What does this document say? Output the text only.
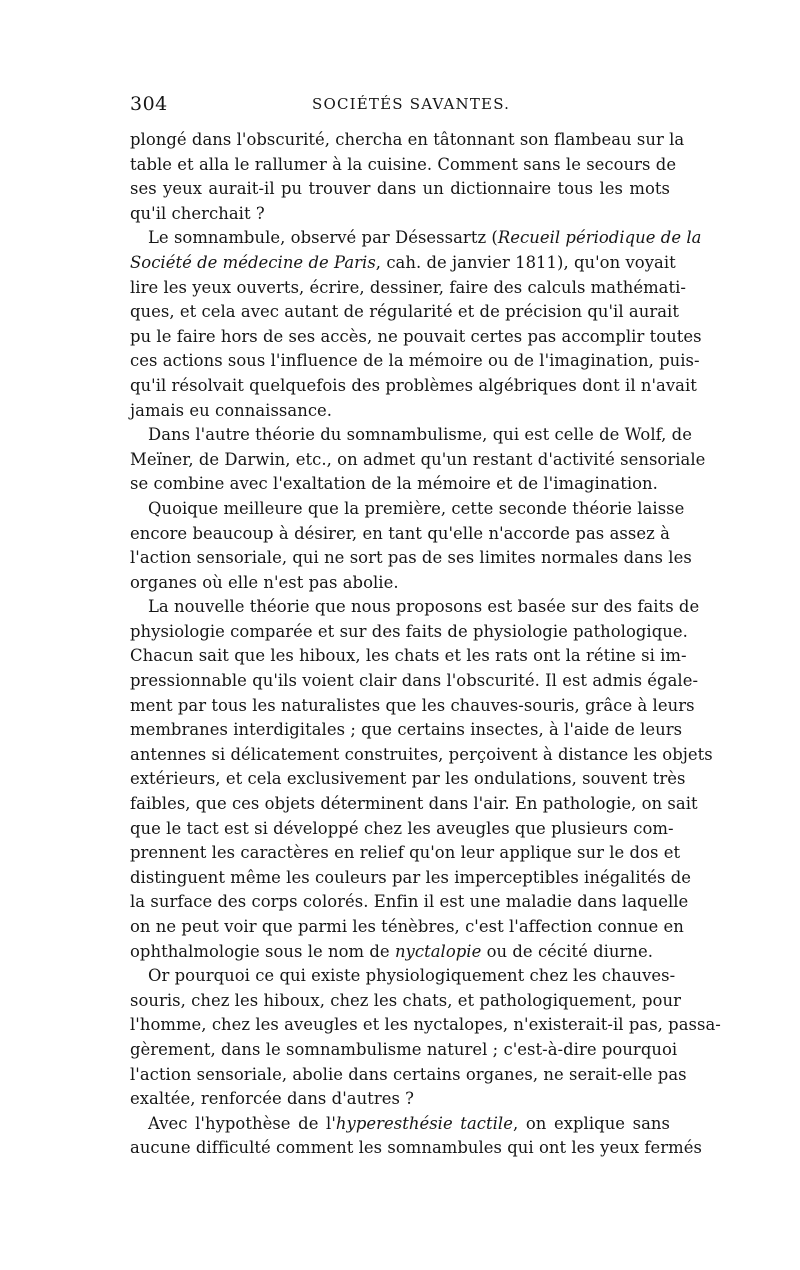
304	SOCIÉTÉS SAVANTES.

plongé dans l'obscurité, chercha en tâtonnant son flambeau sur la
table et alla le rallumer à la cuisine. Comment sans le secours de
ses yeux aurait-il pu trouver dans un dictionnaire tous les mots
qu'il cherchait ?

Le somnambule, observé par Désessartz (Recueil périodique de la
Société de médecine de Paris, cah. de janvier 1811), qu'on voyait
lire les yeux ouverts, écrire, dessiner, faire des calculs mathémati-
ques, et cela avec autant de régularité et de précision qu'il aurait
pu le faire hors de ses accès, ne pouvait certes pas accomplir toutes
ces actions sous l'influence de la mémoire ou de l'imagination, puis-
qu'il résolvait quelquefois des problèmes algébriques dont il n'avait
jamais eu connaissance.

Dans l'autre théorie du somnambulisme, qui est celle de Wolf, de
Meïner, de Darwin, etc., on admet qu'un restant d'activité sensoriale
se combine avec l'exaltation de la mémoire et de l'imagination.

Quoique meilleure que la première, cette seconde théorie laisse
encore beaucoup à désirer, en tant qu'elle n'accorde pas assez à
l'action sensoriale, qui ne sort pas de ses limites normales dans les
organes où elle n'est pas abolie.

La nouvelle théorie que nous proposons est basée sur des faits de
physiologie comparée et sur des faits de physiologie pathologique.
Chacun sait que les hiboux, les chats et les rats ont la rétine si im-
pressionnable qu'ils voient clair dans l'obscurité. Il est admis égale-
ment par tous les naturalistes que les chauves-souris, grâce à leurs
membranes interdigitales ; que certains insectes, à l'aide de leurs
antennes si délicatement construites, perçoivent à distance les objets
extérieurs, et cela exclusivement par les ondulations, souvent très
faibles, que ces objets déterminent dans l'air. En pathologie, on sait
que le tact est si développé chez les aveugles que plusieurs com-
prennent les caractères en relief qu'on leur applique sur le dos et
distinguent même les couleurs par les imperceptibles inégalités de
la surface des corps colorés. Enfin il est une maladie dans laquelle
on ne peut voir que parmi les ténèbres, c'est l'affection connue en
ophthalmologie sous le nom de nyctalopie ou de cécité diurne.

Or pourquoi ce qui existe physiologiquement chez les chauves-
souris, chez les hiboux, chez les chats, et pathologiquement, pour
l'homme, chez les aveugles et les nyctalopes, n'existerait-il pas, passa-
gèrement, dans le somnambulisme naturel ; c'est-à-dire pourquoi
l'action sensoriale, abolie dans certains organes, ne serait-elle pas
exaltée, renforcée dans d'autres ?

Avec l'hypothèse de l'hyperesthésie tactile, on explique sans
aucune difficulté comment les somnambules qui ont les yeux fermés
